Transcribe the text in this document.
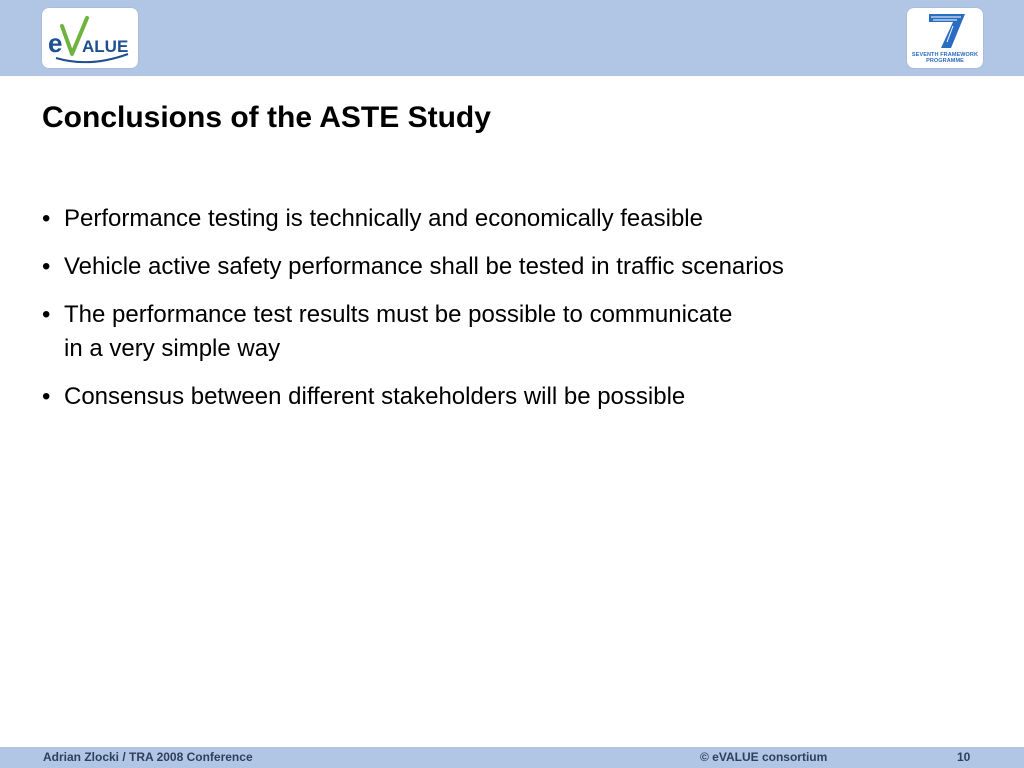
e ALUE	SEVENTH FRAMEWORK
PROGRAMME
Conclusions of the ASTE Study
• Performance testing is technically and economically feasible
• Vehicle active safety performance shall be tested in traffic scenarios
• The performance test results must be possible to communicate
in a very simple way
• Consensus between different stakeholders will be possible
Adrian Zlocki / TRA 2008 Conference	© eVALUE consortium	10
